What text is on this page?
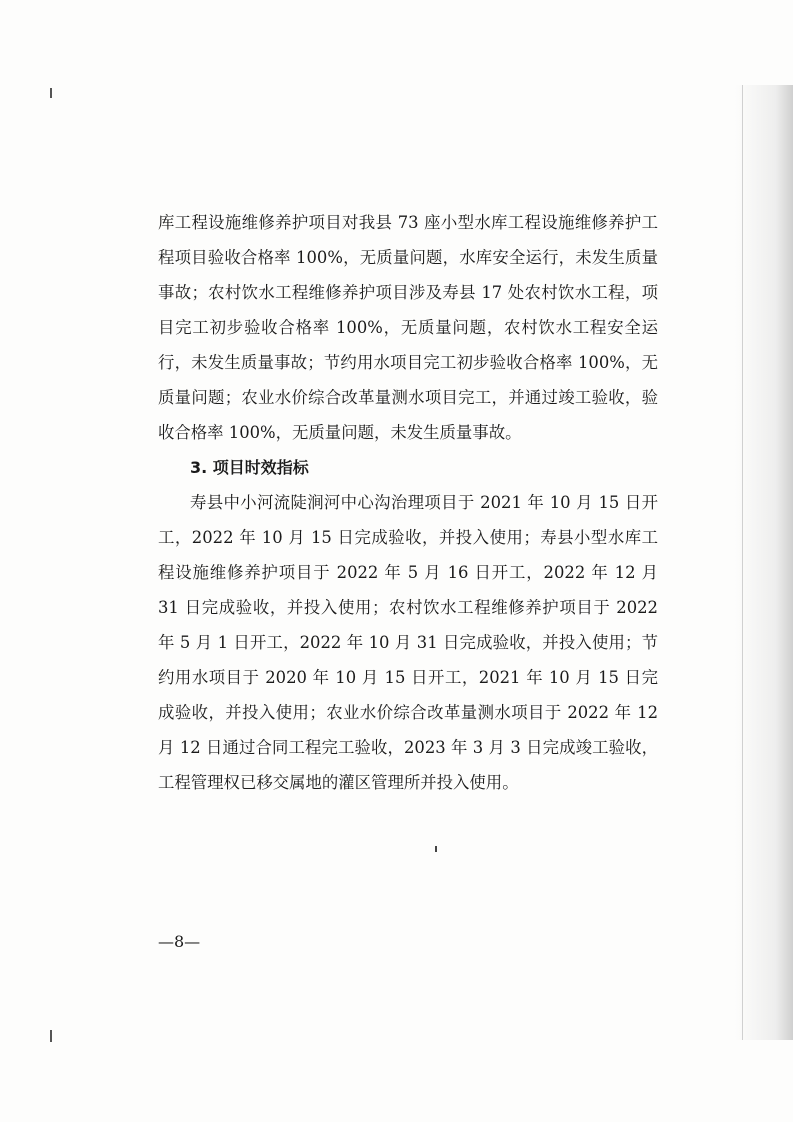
库工程设施维修养护项目对我县 73 座小型水库工程设施维修养护工程项目验收合格率 100%，无质量问题，水库安全运行，未发生质量事故；农村饮水工程维修养护项目涉及寿县 17 处农村饮水工程，项目完工初步验收合格率 100%，无质量问题，农村饮水工程安全运行，未发生质量事故；节约用水项目完工初步验收合格率 100%，无质量问题；农业水价综合改革量测水项目完工，并通过竣工验收，验收合格率 100%，无质量问题，未发生质量事故。

3. 项目时效指标

寿县中小河流陡涧河中心沟治理项目于 2021 年 10 月 15 日开工，2022 年 10 月 15 日完成验收，并投入使用；寿县小型水库工程设施维修养护项目于 2022 年 5 月 16 日开工，2022 年 12 月 31 日完成验收，并投入使用；农村饮水工程维修养护项目于 2022 年 5 月 1 日开工，2022 年 10 月 31 日完成验收，并投入使用；节约用水项目于 2020 年 10 月 15 日开工，2021 年 10 月 15 日完成验收，并投入使用；农业水价综合改革量测水项目于 2022 年 12 月 12 日通过合同工程完工验收，2023 年 3 月 3 日完成竣工验收，工程管理权已移交属地的灌区管理所并投入使用。

—8—
